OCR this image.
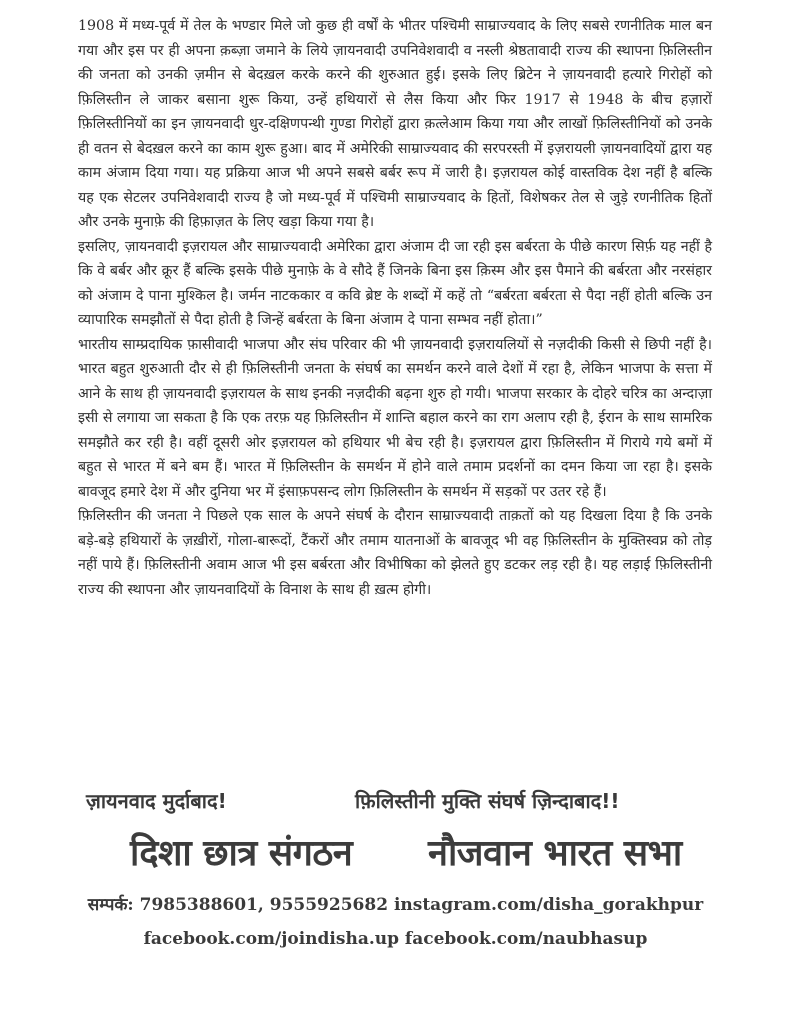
1908 में मध्य-पूर्व में तेल के भण्डार मिले जो कुछ ही वर्षों के भीतर पश्चिमी साम्राज्यवाद के लिए सबसे रणनीतिक माल बन गया और इस पर ही अपना क़ब्ज़ा जमाने के लिये ज़ायनवादी उपनिवेशवादी व नस्ली श्रेष्ठतावादी राज्य की स्थापना फ़िलिस्तीन की जनता को उनकी ज़मीन से बेदख़ल करके करने की शुरुआत हुई। इसके लिए ब्रिटेन ने ज़ायनवादी हत्यारे गिरोहों को फ़िलिस्तीन ले जाकर बसाना शुरू किया, उन्हें हथियारों से लैस किया और फिर 1917 से 1948 के बीच हज़ारों फ़िलिस्तीनियों का इन ज़ायनवादी धुर-दक्षिणपन्थी गुण्डा गिरोहों द्वारा क़त्लेआम किया गया और लाखों फ़िलिस्तीनियों को उनके ही वतन से बेदख़ल करने का काम शुरू हुआ। बाद में अमेरिकी साम्राज्यवाद की सरपरस्ती में इज़रायली ज़ायनवादियों द्वारा यह काम अंजाम दिया गया। यह प्रक्रिया आज भी अपने सबसे बर्बर रूप में जारी है। इज़रायल कोई वास्तविक देश नहीं है बल्कि यह एक सेटलर उपनिवेशवादी राज्य है जो मध्य-पूर्व में पश्चिमी साम्राज्यवाद के हितों, विशेषकर तेल से जुड़े रणनीतिक हितों और उनके मुनाफ़े की हिफ़ाज़त के लिए खड़ा किया गया है।

इसलिए, ज़ायनवादी इज़रायल और साम्राज्यवादी अमेरिका द्वारा अंजाम दी जा रही इस बर्बरता के पीछे कारण सिर्फ़ यह नहीं है कि वे बर्बर और क्रूर हैं बल्कि इसके पीछे मुनाफ़े के वे सौदे हैं जिनके बिना इस क़िस्म और इस पैमाने की बर्बरता और नरसंहार को अंजाम दे पाना मुश्किल है। जर्मन नाटककार व कवि ब्रेष्ट के शब्दों में कहें तो “बर्बरता बर्बरता से पैदा नहीं होती बल्कि उन व्यापारिक समझौतों से पैदा होती है जिन्हें बर्बरता के बिना अंजाम दे पाना सम्भव नहीं होता।”

भारतीय साम्प्रदायिक फ़ासीवादी भाजपा और संघ परिवार की भी ज़ायनवादी इज़रायलियों से नज़दीकी किसी से छिपी नहीं है। भारत बहुत शुरुआती दौर से ही फ़िलिस्तीनी जनता के संघर्ष का समर्थन करने वाले देशों में रहा है, लेकिन भाजपा के सत्ता में आने के साथ ही ज़ायनवादी इज़रायल के साथ इनकी नज़दीकी बढ़ना शुरु हो गयी। भाजपा सरकार के दोहरे चरित्र का अन्दाज़ा इसी से लगाया जा सकता है कि एक तरफ़ यह फ़िलिस्तीन में शान्ति बहाल करने का राग अलाप रही है, ईरान के साथ सामरिक समझौते कर रही है। वहीं दूसरी ओर इज़रायल को हथियार भी बेच रही है। इज़रायल द्वारा फ़िलिस्तीन में गिराये गये बमों में बहुत से भारत में बने बम हैं। भारत में फ़िलिस्तीन के समर्थन में होने वाले तमाम प्रदर्शनों का दमन किया जा रहा है। इसके बावजूद हमारे देश में और दुनिया भर में इंसाफ़पसन्द लोग फ़िलिस्तीन के समर्थन में सड़कों पर उतर रहे हैं।

फ़िलिस्तीन की जनता ने पिछले एक साल के अपने संघर्ष के दौरान साम्राज्यवादी ताक़तों को यह दिखला दिया है कि उनके बड़े-बड़े हथियारों के ज़ख़ीरों, गोला-बारूदों, टैंकरों और तमाम यातनाओं के बावजूद भी वह फ़िलिस्तीन के मुक्तिस्वप्न को तोड़ नहीं पाये हैं। फ़िलिस्तीनी अवाम आज भी इस बर्बरता और विभीषिका को झेलते हुए डटकर लड़ रही है। यह लड़ाई फ़िलिस्तीनी राज्य की स्थापना और ज़ायनवादियों के विनाश के साथ ही ख़त्म होगी।

ज़ायनवाद मुर्दाबाद!	फ़िलिस्तीनी मुक्ति संघर्ष ज़िन्दाबाद!!
दिशा छात्र संगठन नौजवान भारत सभा
सम्पर्क: 7985388601, 9555925682 instagram.com/disha_gorakhpur
facebook.com/joindisha.up facebook.com/naubhasup
